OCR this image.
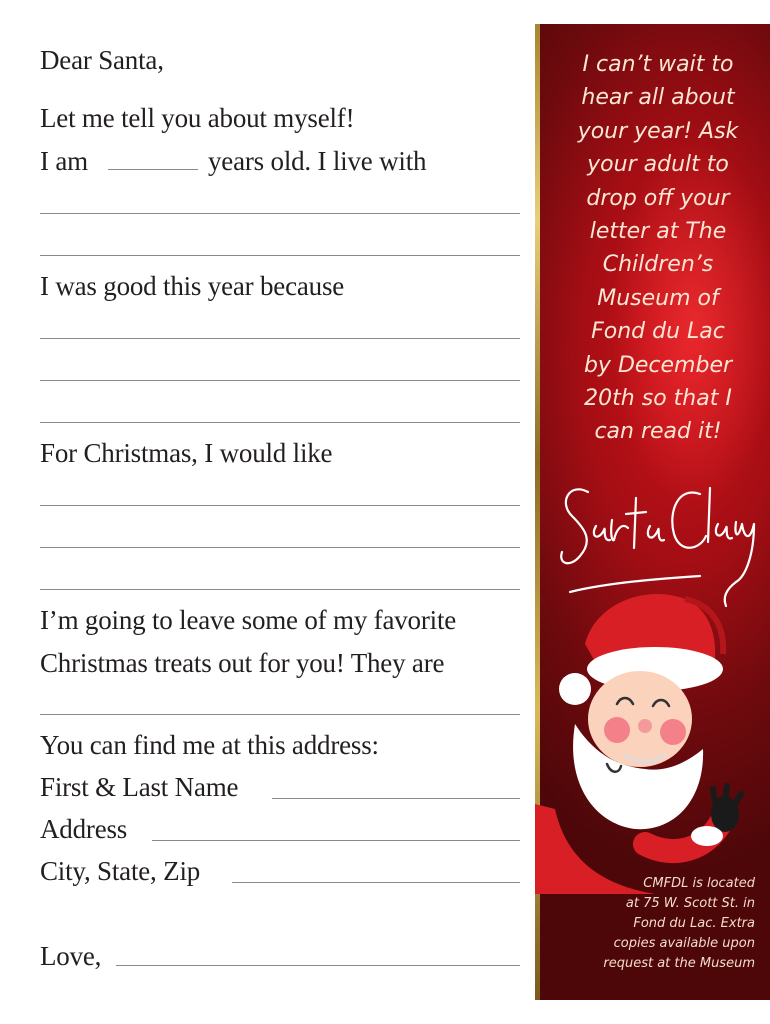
Dear Santa,
Let me tell you about myself!
I am	years old. I live with
I was good this year because
For Christmas, I would like
I’m going to leave some of my favorite
Christmas treats out for you! They are
You can find me at this address:
First & Last Name
Address
City, State, Zip
Love,
I can’t wait to
hear all about
your year! Ask
your adult to
drop off your
letter at The
Children’s
Museum of
Fond du Lac
by December
20th so that I
can read it!
CMFDL is located
at 75 W. Scott St. in
Fond du Lac. Extra
copies available upon
request at the Museum
